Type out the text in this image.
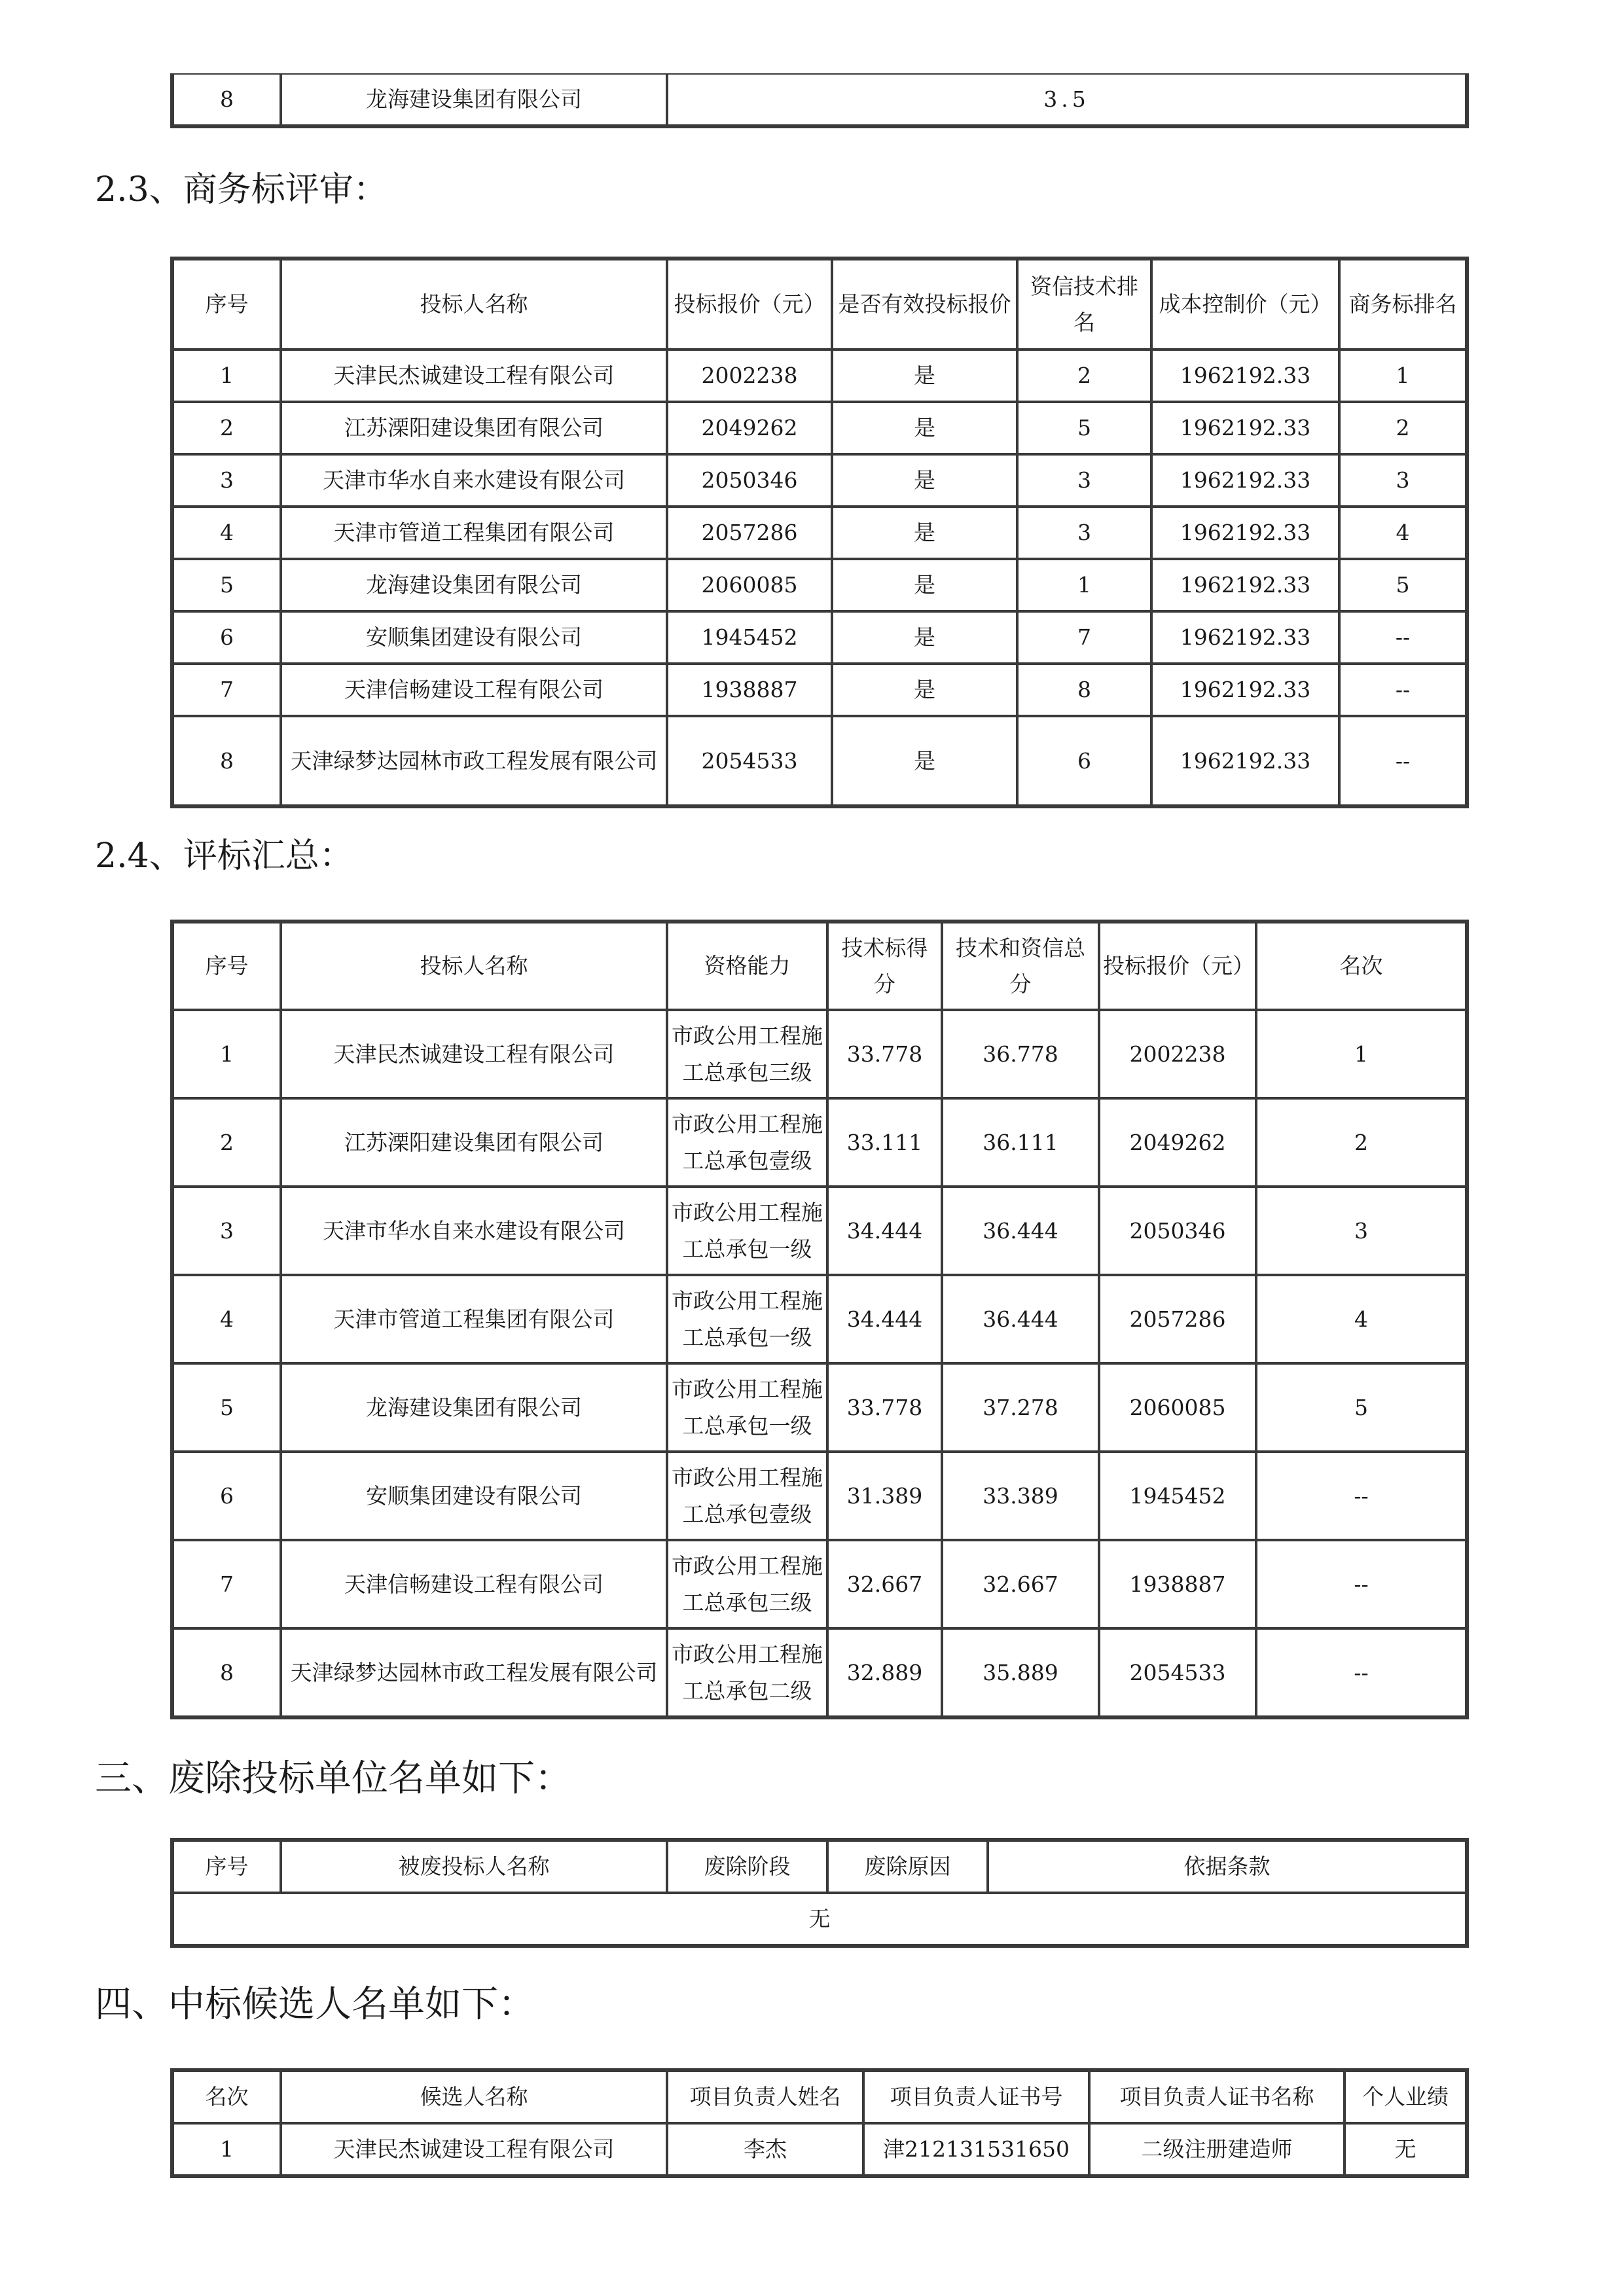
8	龙海建设集团有限公司	3.5
2.3、商务标评审：
序号	投标人名称	投标报价（元）	是否有效投标报价	资信技术排名	成本控制价（元）	商务标排名
1	天津民杰诚建设工程有限公司	2002238	是	2	1962192.33	1
2	江苏溧阳建设集团有限公司	2049262	是	5	1962192.33	2
3	天津市华水自来水建设有限公司	2050346	是	3	1962192.33	3
4	天津市管道工程集团有限公司	2057286	是	3	1962192.33	4
5	龙海建设集团有限公司	2060085	是	1	1962192.33	5
6	安顺集团建设有限公司	1945452	是	7	1962192.33	--
7	天津信畅建设工程有限公司	1938887	是	8	1962192.33	--
8	天津绿梦达园林市政工程发展有限公司	2054533	是	6	1962192.33	--
2.4、评标汇总：
序号	投标人名称	资格能力	技术标得分	技术和资信总分	投标报价（元）	名次
1	天津民杰诚建设工程有限公司	市政公用工程施工总承包三级	33.778	36.778	2002238	1
2	江苏溧阳建设集团有限公司	市政公用工程施工总承包壹级	33.111	36.111	2049262	2
3	天津市华水自来水建设有限公司	市政公用工程施工总承包一级	34.444	36.444	2050346	3
4	天津市管道工程集团有限公司	市政公用工程施工总承包一级	34.444	36.444	2057286	4
5	龙海建设集团有限公司	市政公用工程施工总承包一级	33.778	37.278	2060085	5
6	安顺集团建设有限公司	市政公用工程施工总承包壹级	31.389	33.389	1945452	--
7	天津信畅建设工程有限公司	市政公用工程施工总承包三级	32.667	32.667	1938887	--
8	天津绿梦达园林市政工程发展有限公司	市政公用工程施工总承包二级	32.889	35.889	2054533	--
三、废除投标单位名单如下：
序号	被废投标人名称	废除阶段	废除原因	依据条款
无
四、中标候选人名单如下：
名次	候选人名称	项目负责人姓名	项目负责人证书号	项目负责人证书名称	个人业绩
1	天津民杰诚建设工程有限公司	李杰	津212131531650	二级注册建造师	无
